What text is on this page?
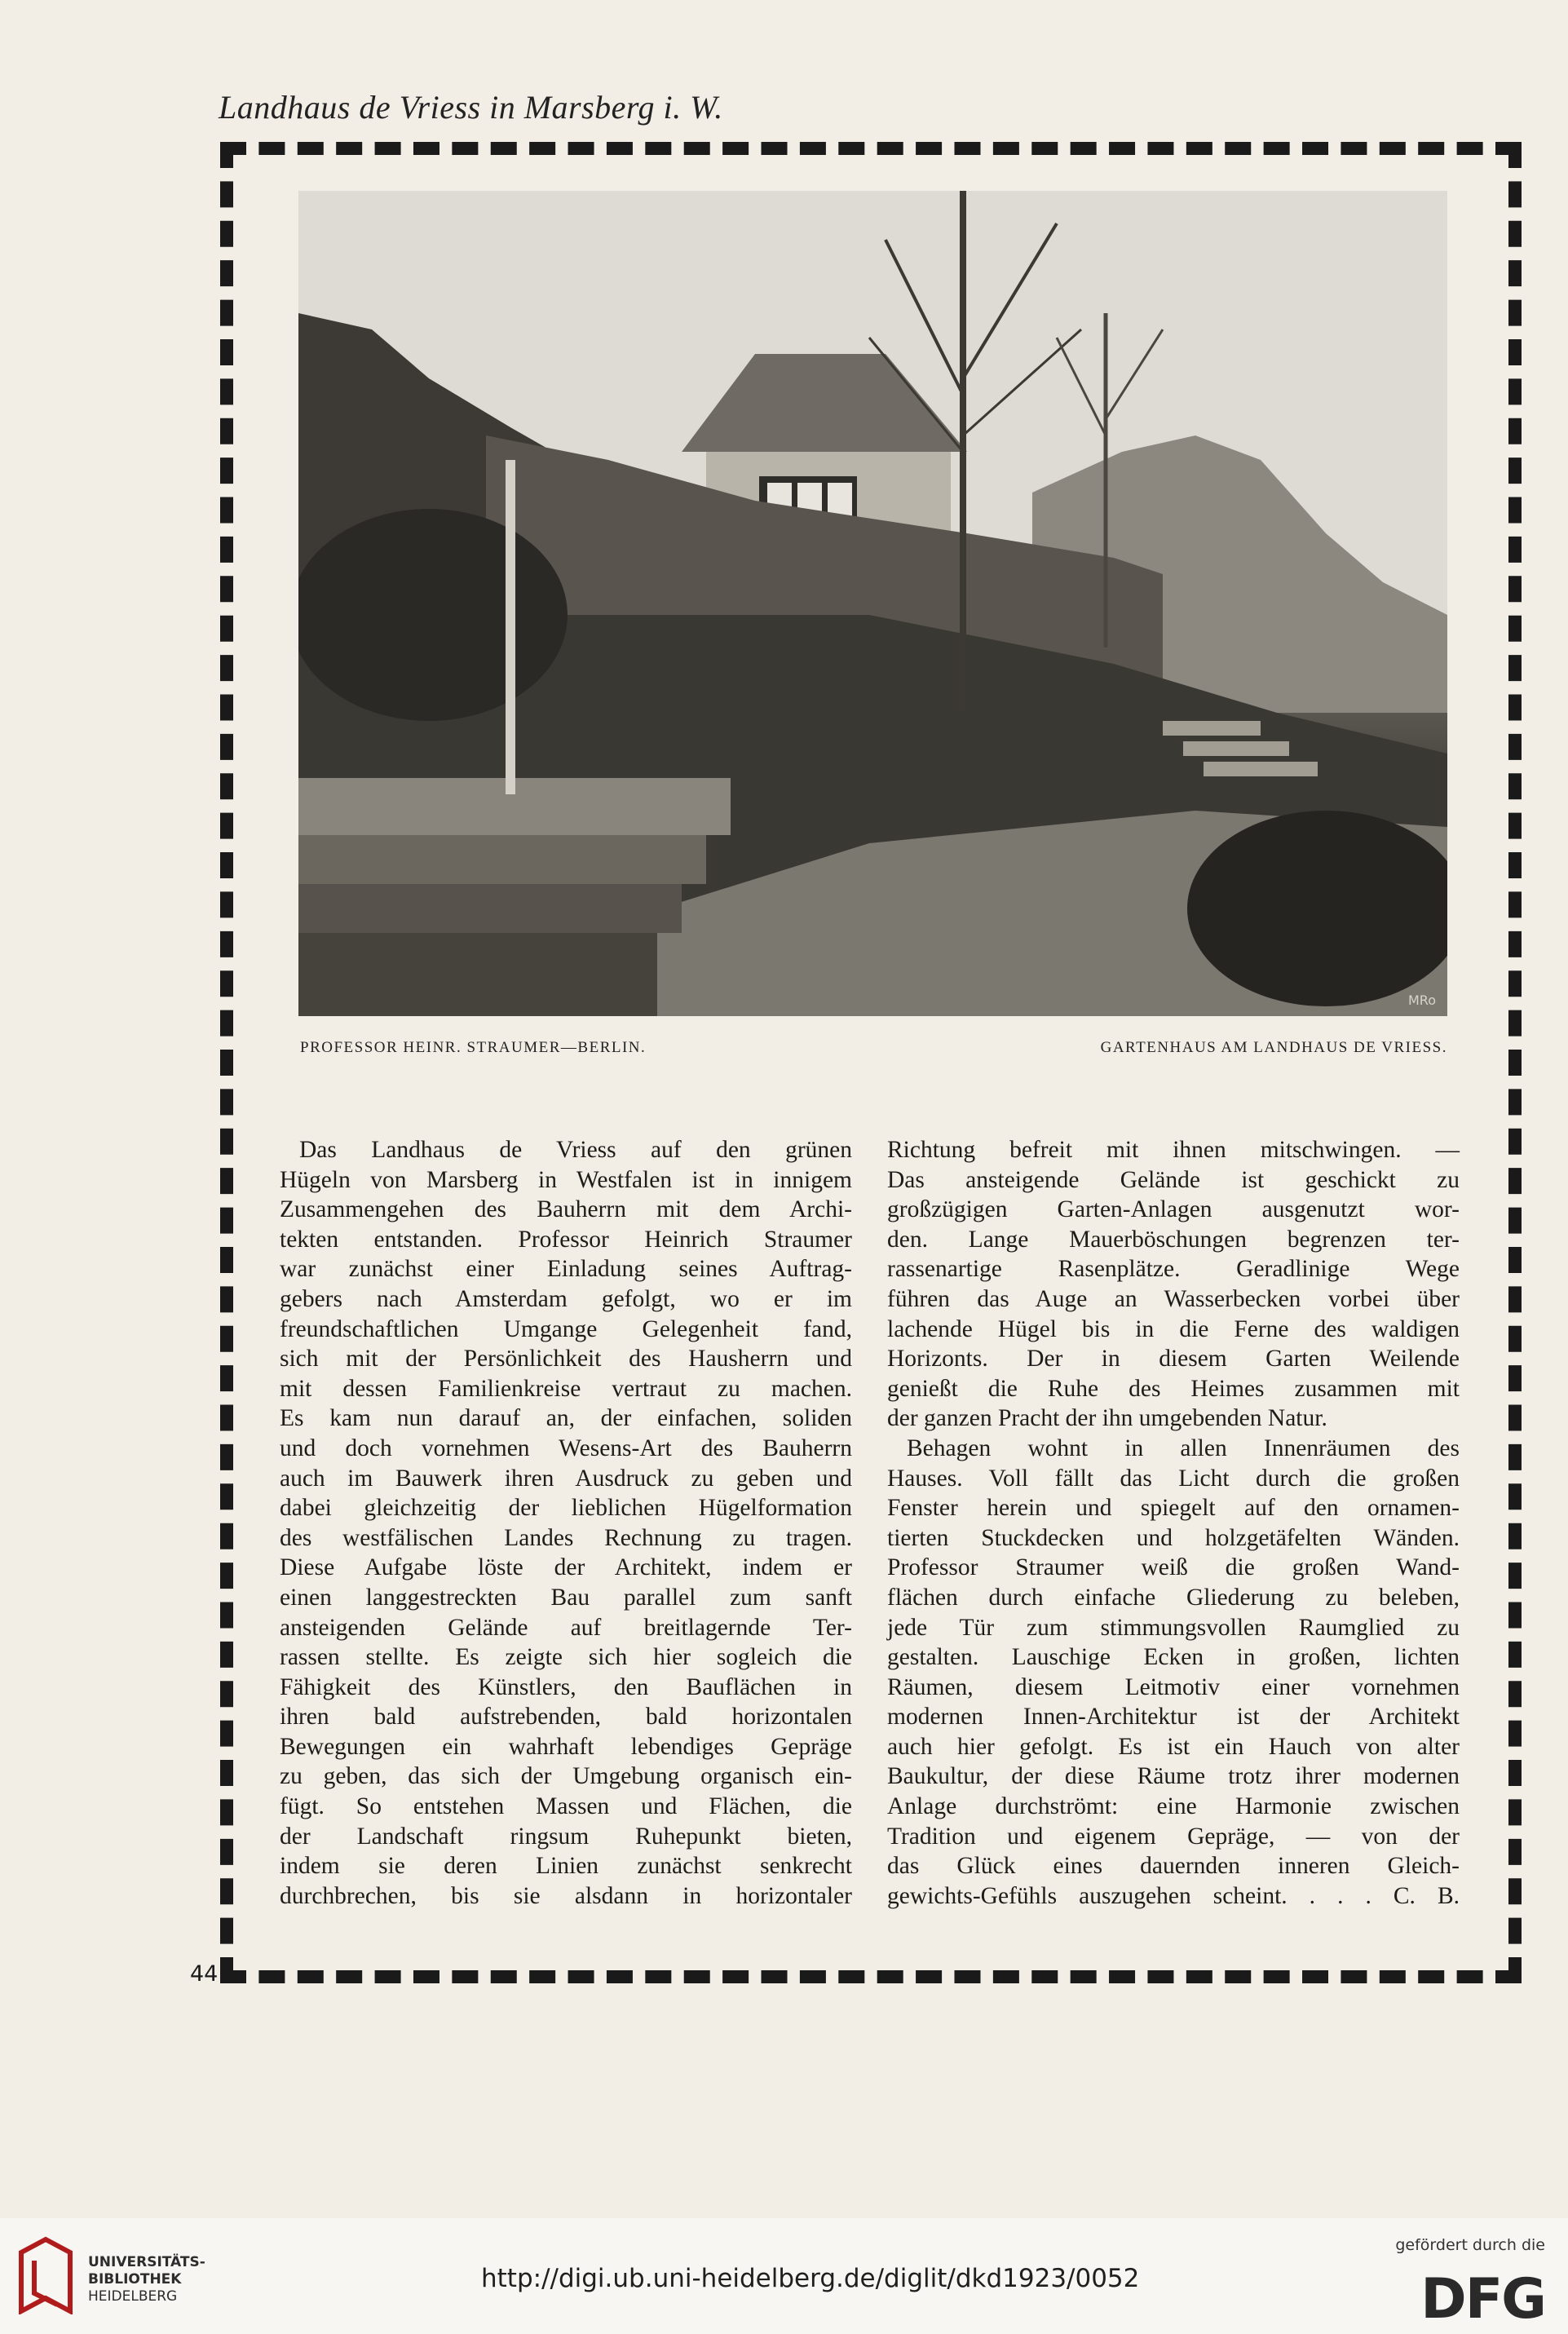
Landhaus de Vriess in Marsberg i. W.
MRo
PROFESSOR HEINR. STRAUMER—BERLIN.	GARTENHAUS AM LANDHAUS DE VRIESS.
Das Landhaus de Vriess auf den grünen
Hügeln von Marsberg in Westfalen ist in innigem
Zusammengehen des Bauherrn mit dem Archi-
tekten entstanden. Professor Heinrich Straumer
war zunächst einer Einladung seines Auftrag-
gebers nach Amsterdam gefolgt, wo er im
freundschaftlichen Umgange Gelegenheit fand,
sich mit der Persönlichkeit des Hausherrn und
mit dessen Familienkreise vertraut zu machen.
Es kam nun darauf an, der einfachen, soliden
und doch vornehmen Wesens-Art des Bauherrn
auch im Bauwerk ihren Ausdruck zu geben und
dabei gleichzeitig der lieblichen Hügelformation
des westfälischen Landes Rechnung zu tragen.
Diese Aufgabe löste der Architekt, indem er
einen langgestreckten Bau parallel zum sanft
ansteigenden Gelände auf breitlagernde Ter-
rassen stellte. Es zeigte sich hier sogleich die
Fähigkeit des Künstlers, den Bauflächen in
ihren bald aufstrebenden, bald horizontalen
Bewegungen ein wahrhaft lebendiges Gepräge
zu geben, das sich der Umgebung organisch ein-
fügt. So entstehen Massen und Flächen, die
der Landschaft ringsum Ruhepunkt bieten,
indem sie deren Linien zunächst senkrecht
durchbrechen, bis sie alsdann in horizontaler
Richtung befreit mit ihnen mitschwingen. —
Das ansteigende Gelände ist geschickt zu
großzügigen Garten-Anlagen ausgenutzt wor-
den. Lange Mauerböschungen begrenzen ter-
rassenartige Rasenplätze. Geradlinige Wege
führen das Auge an Wasserbecken vorbei über
lachende Hügel bis in die Ferne des waldigen
Horizonts. Der in diesem Garten Weilende
genießt die Ruhe des Heimes zusammen mit
der ganzen Pracht der ihn umgebenden Natur.
Behagen wohnt in allen Innenräumen des
Hauses. Voll fällt das Licht durch die großen
Fenster herein und spiegelt auf den ornamen-
tierten Stuckdecken und holzgetäfelten Wänden.
Professor Straumer weiß die großen Wand-
flächen durch einfache Gliederung zu beleben,
jede Tür zum stimmungsvollen Raumglied zu
gestalten. Lauschige Ecken in großen, lichten
Räumen, diesem Leitmotiv einer vornehmen
modernen Innen-Architektur ist der Architekt
auch hier gefolgt. Es ist ein Hauch von alter
Baukultur, der diese Räume trotz ihrer modernen
Anlage durchströmt: eine Harmonie zwischen
Tradition und eigenem Gepräge, — von der
das Glück eines dauernden inneren Gleich-
gewichts-Gefühls auszugehen scheint. . . . C. B.
44
UNIVERSITÄTS-
BIBLIOTHEK
HEIDELBERG
http://digi.ub.uni-heidelberg.de/diglit/dkd1923/0052
gefördert durch die
DFG
